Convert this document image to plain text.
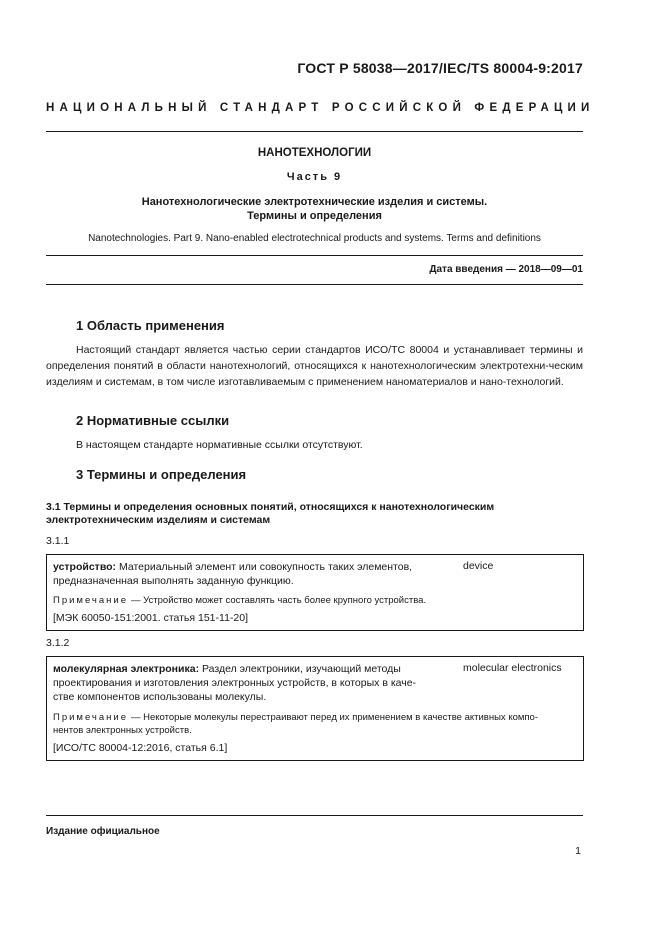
ГОСТ Р 58038—2017/IEC/TS 80004-9:2017
НАЦИОНАЛЬНЫЙ СТАНДАРТ РОССИЙСКОЙ ФЕДЕРАЦИИ
НАНОТЕХНОЛОГИИ
Часть 9
Нанотехнологические электротехнические изделия и системы.
Термины и определения
Nanotechnologies. Part 9. Nano-enabled electrotechnical products and systems. Terms and definitions
Дата введения — 2018—09—01
1 Область применения
Настоящий стандарт является частью серии стандартов ИСО/ТС 80004 и устанавливает термины и определения понятий в области нанотехнологий, относящихся к нанотехнологическим электротехни-ческим изделиям и системам, в том числе изготавливаемым с применением наноматериалов и нано-технологий.
2 Нормативные ссылки
В настоящем стандарте нормативные ссылки отсутствуют.
3 Термины и определения
3.1 Термины и определения основных понятий, относящихся к нанотехнологическим
электротехническим изделиям и системам
3.1.1
устройство: Материальный элемент или совокупность таких элементов,
предназначенная выполнять заданную функцию.
device
Примечание — Устройство может составлять часть более крупного устройства.
[МЭК 60050-151:2001. статья 151-11-20]
3.1.2
молекулярная электроника: Раздел электроники, изучающий методы
проектирования и изготовления электронных устройств, в которых в каче-
стве компонентов использованы молекулы.
molecular electronics
Примечание — Некоторые молекулы перестраивают перед их применением в качестве активных компо-
нентов электронных устройств.
[ИСО/ТС 80004-12:2016, статья 6.1]
Издание официальное
1
